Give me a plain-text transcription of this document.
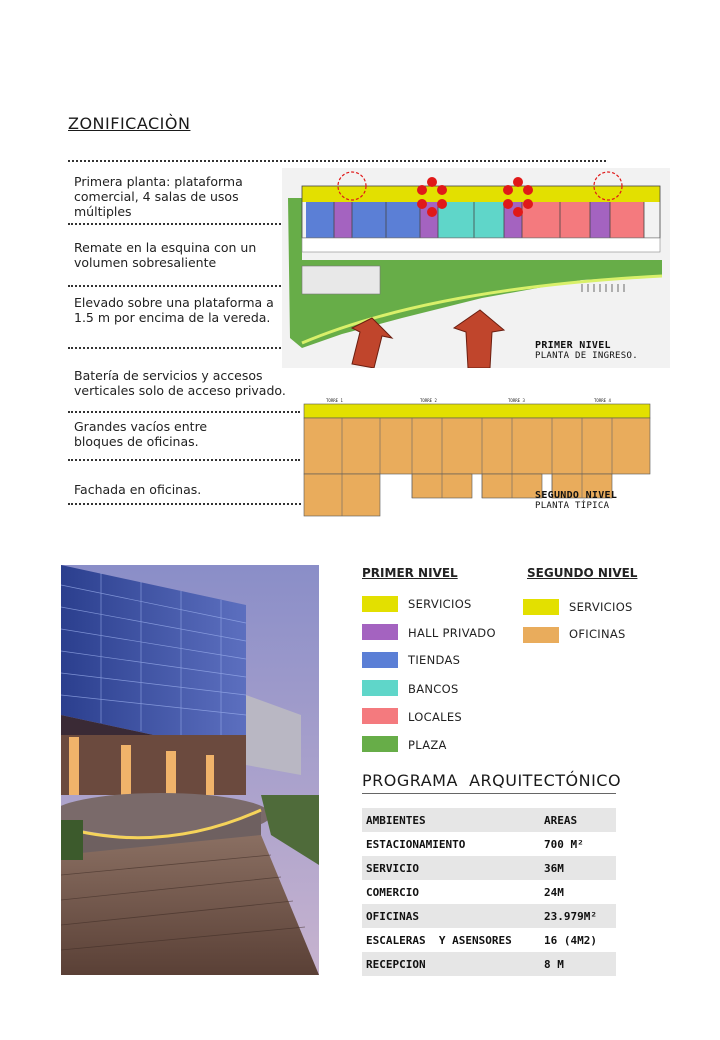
ZONIFICACIÒN
Primera planta: plataforma comercial, 4 salas de usos múltiples
Remate en la esquina con un volumen sobresaliente
Elevado sobre una plataforma a 1.5 m por encima de la vereda.
Batería de servicios y accesos verticales solo de acceso privado.
Grandes vacíos entre bloques de oficinas.
Fachada en oficinas.
PRIMER NIVEL
PLANTA DE INGRESO.
TORRE 1	TORRE 2	TORRE 3	TORRE 4
SEGUNDO NIVEL
PLANTA TÍPICA
PRIMER NIVEL
SERVICIOS
HALL PRIVADO
TIENDAS
BANCOS
LOCALES
PLAZA
SEGUNDO NIVEL
SERVICIOS
OFICINAS
PROGRAMA  ARQUITECTÓNICO
AMBIENTES	AREAS
ESTACIONAMIENTO	700 M²
SERVICIO	36M
COMERCIO	24M
OFICINAS	23.979M²
ESCALERAS  Y ASENSORES	16 (4M2)
RECEPCION	8 M
